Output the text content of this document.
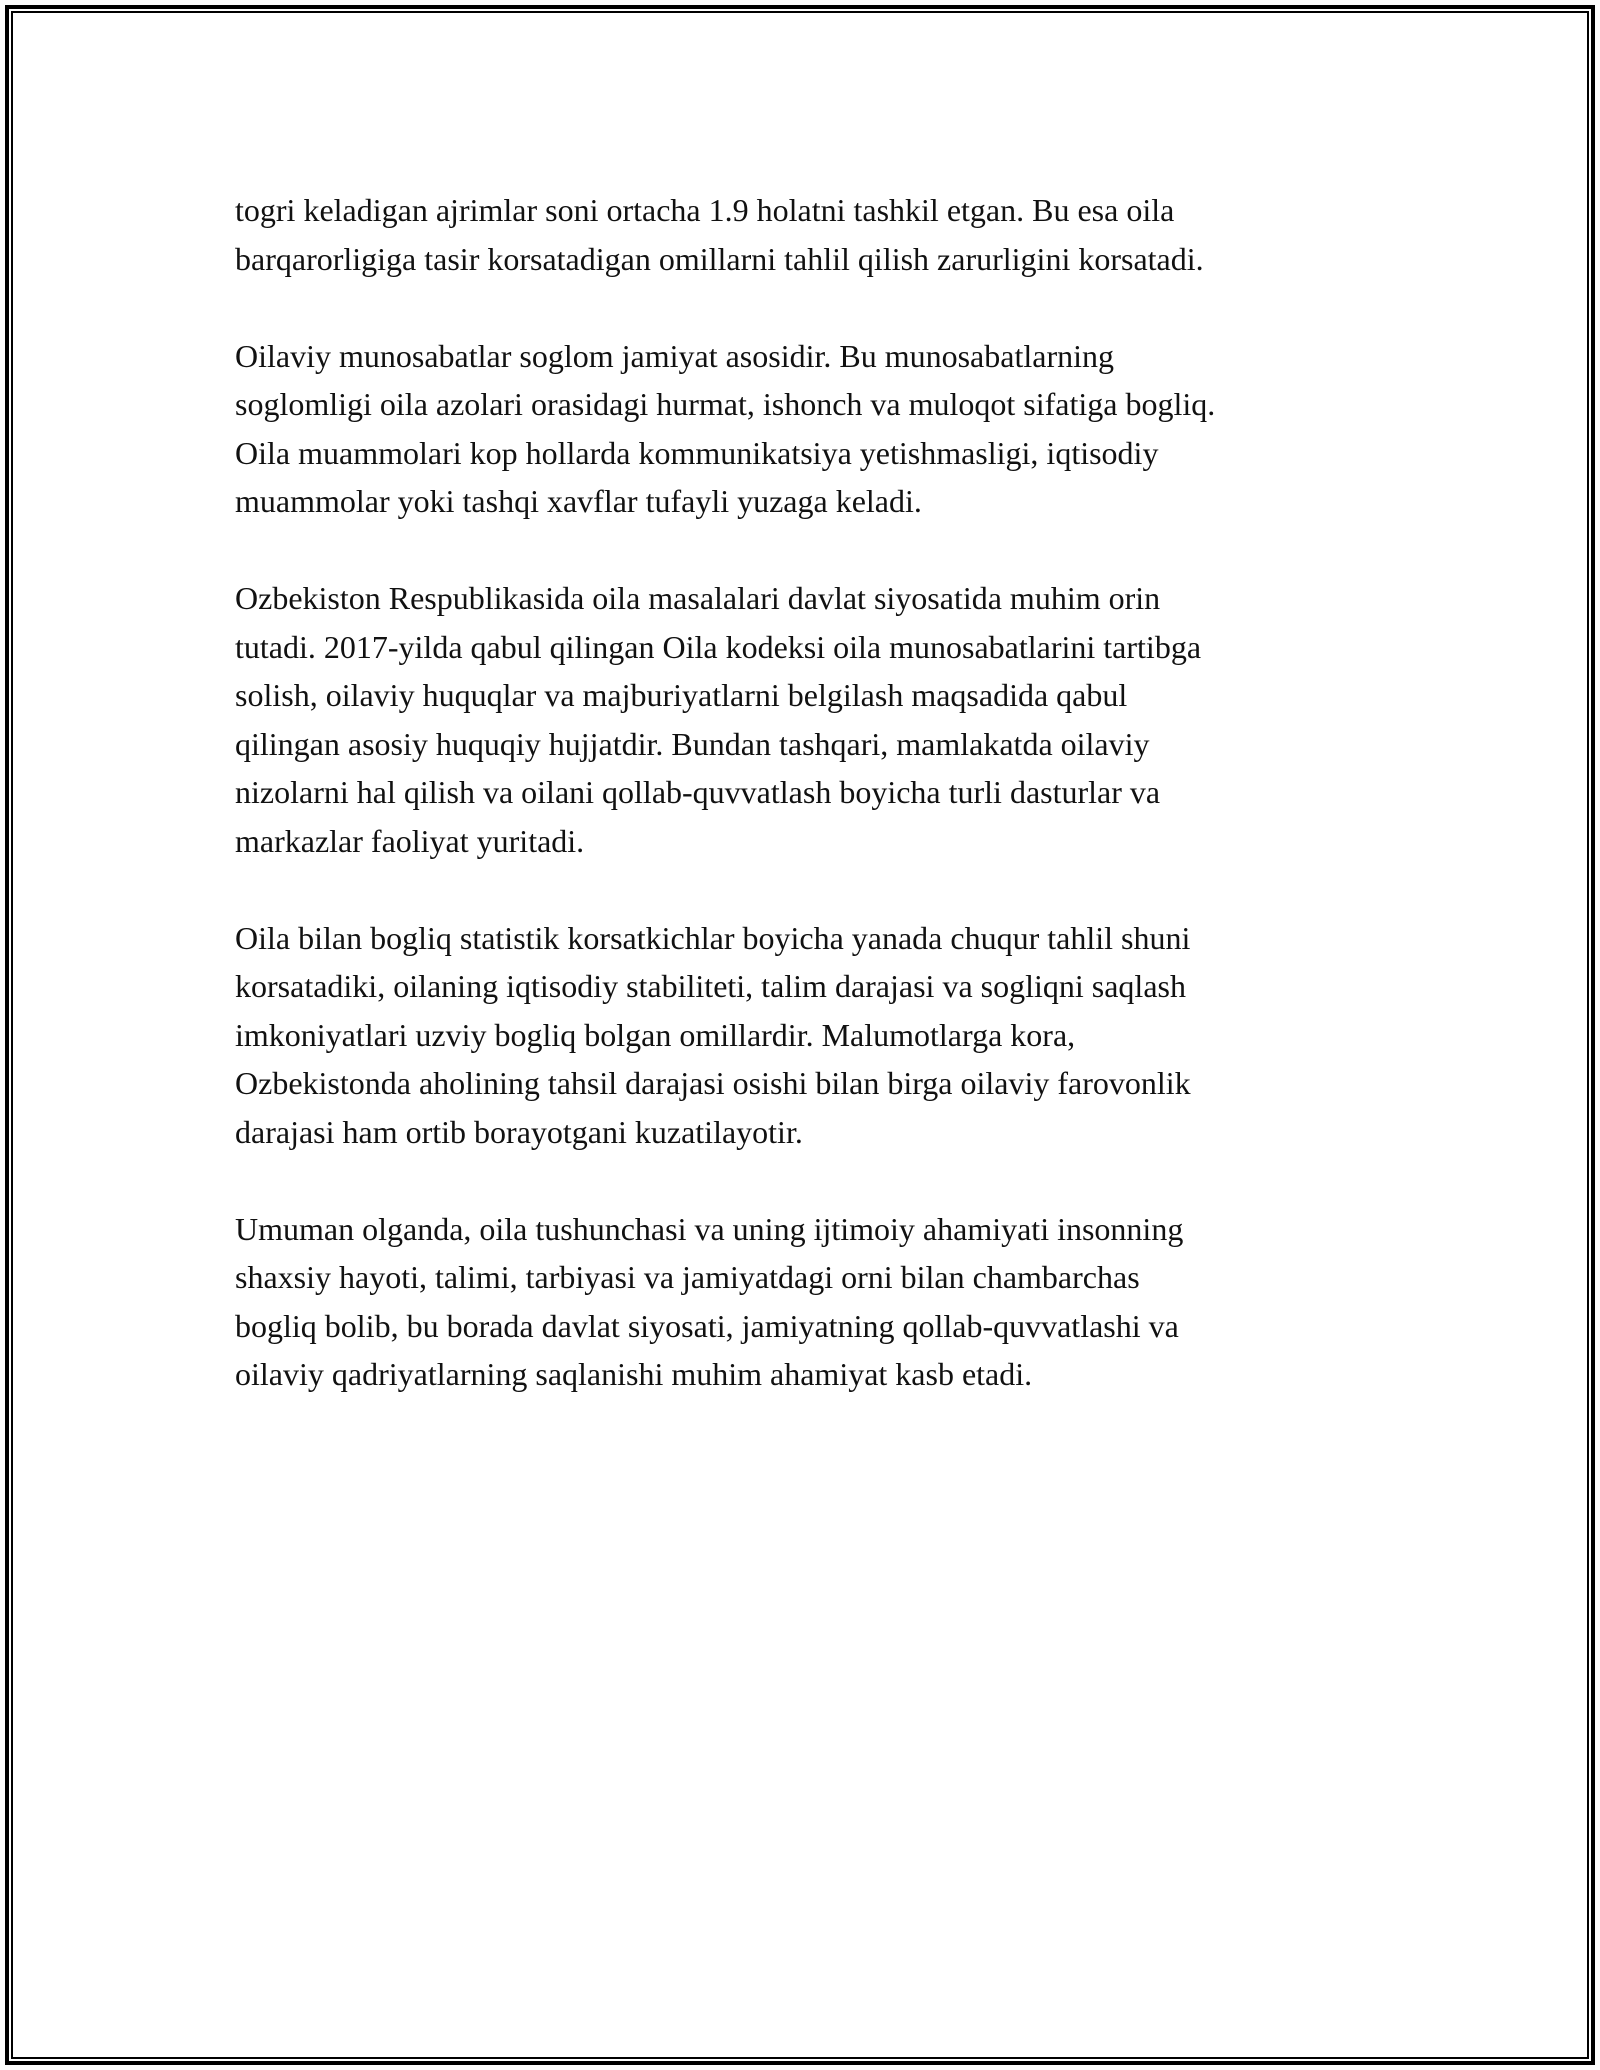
togri keladigan ajrimlar soni ortacha 1.9 holatni tashkil etgan. Bu esa oila
barqarorligiga tasir korsatadigan omillarni tahlil qilish zarurligini korsatadi.

Oilaviy munosabatlar soglom jamiyat asosidir. Bu munosabatlarning
soglomligi oila azolari orasidagi hurmat, ishonch va muloqot sifatiga bogliq.
Oila muammolari kop hollarda kommunikatsiya yetishmasligi, iqtisodiy
muammolar yoki tashqi xavflar tufayli yuzaga keladi.

Ozbekiston Respublikasida oila masalalari davlat siyosatida muhim orin
tutadi. 2017-yilda qabul qilingan Oila kodeksi oila munosabatlarini tartibga
solish, oilaviy huquqlar va majburiyatlarni belgilash maqsadida qabul
qilingan asosiy huquqiy hujjatdir. Bundan tashqari, mamlakatda oilaviy
nizolarni hal qilish va oilani qollab-quvvatlash boyicha turli dasturlar va
markazlar faoliyat yuritadi.

Oila bilan bogliq statistik korsatkichlar boyicha yanada chuqur tahlil shuni
korsatadiki, oilaning iqtisodiy stabiliteti, talim darajasi va sogliqni saqlash
imkoniyatlari uzviy bogliq bolgan omillardir. Malumotlarga kora,
Ozbekistonda aholining tahsil darajasi osishi bilan birga oilaviy farovonlik
darajasi ham ortib borayotgani kuzatilayotir.

Umuman olganda, oila tushunchasi va uning ijtimoiy ahamiyati insonning
shaxsiy hayoti, talimi, tarbiyasi va jamiyatdagi orni bilan chambarchas
bogliq bolib, bu borada davlat siyosati, jamiyatning qollab-quvvatlashi va
oilaviy qadriyatlarning saqlanishi muhim ahamiyat kasb etadi.
